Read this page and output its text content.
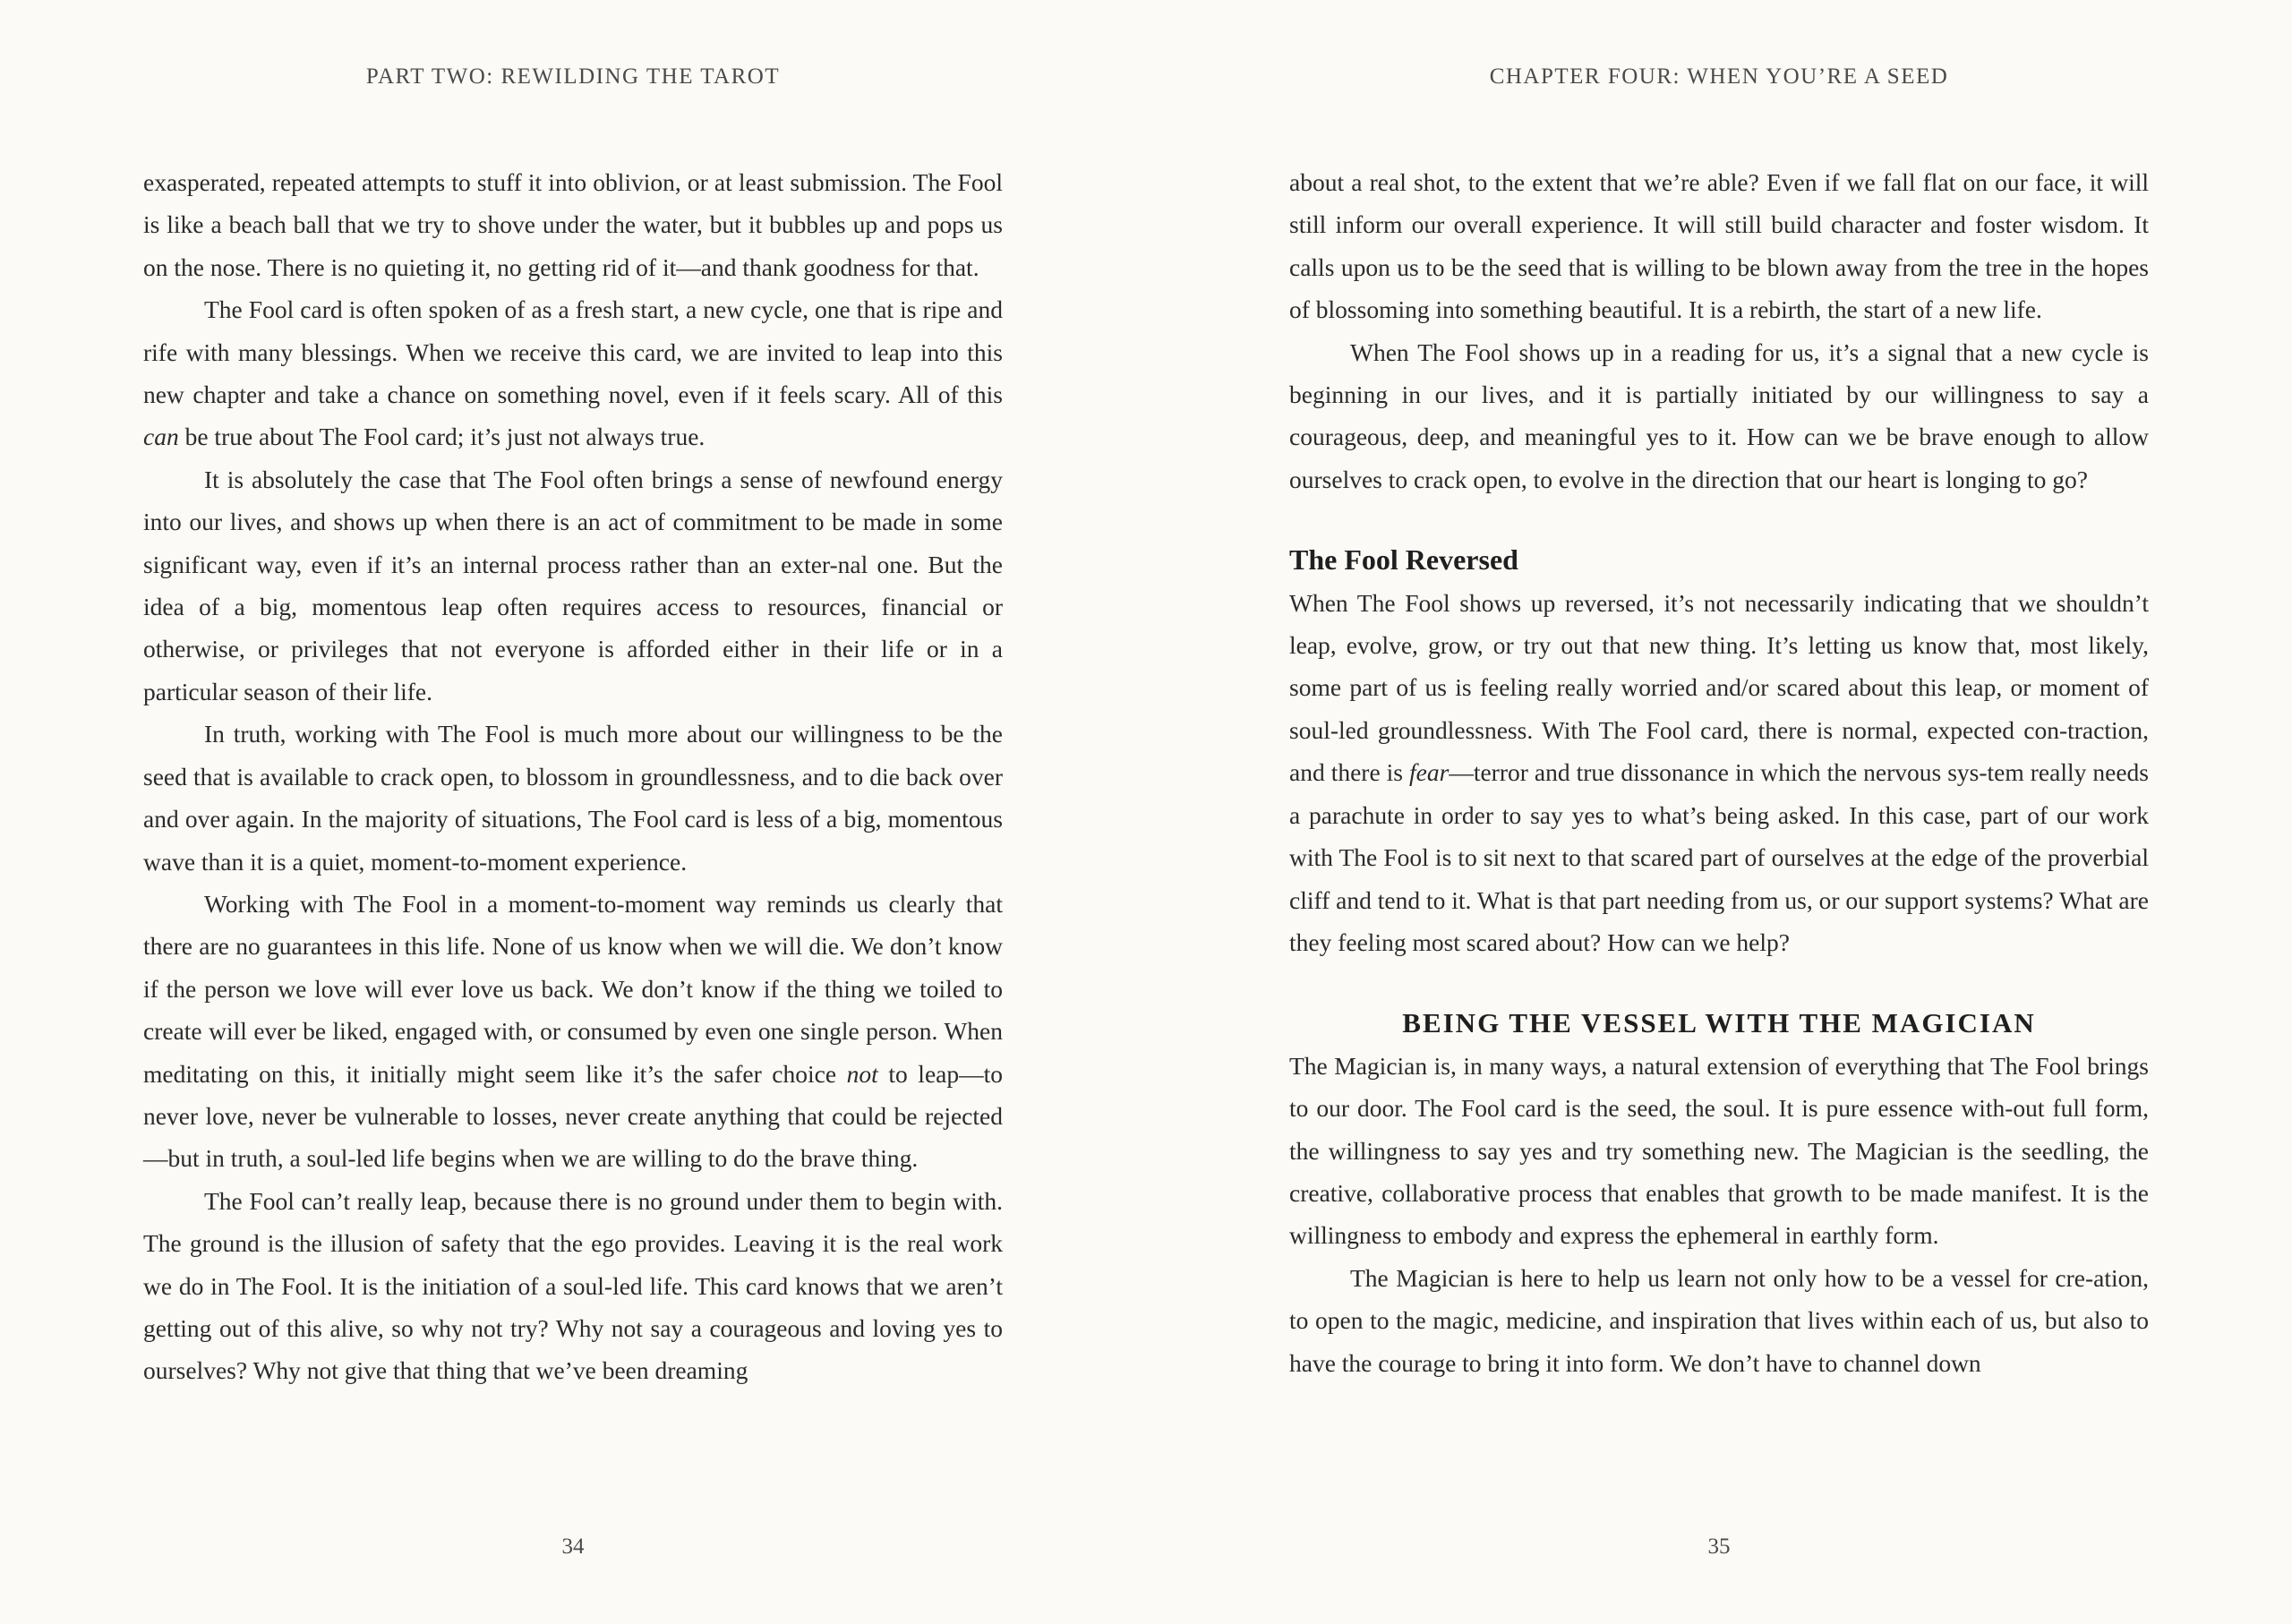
PART TWO: REWILDING THE TAROT

exasperated, repeated attempts to stuff it into oblivion, or at least submission. The Fool is like a beach ball that we try to shove under the water, but it bubbles up and pops us on the nose. There is no quieting it, no getting rid of it—and thank goodness for that.

The Fool card is often spoken of as a fresh start, a new cycle, one that is ripe and rife with many blessings. When we receive this card, we are invited to leap into this new chapter and take a chance on something novel, even if it feels scary. All of this can be true about The Fool card; it’s just not always true.

It is absolutely the case that The Fool often brings a sense of newfound energy into our lives, and shows up when there is an act of commitment to be made in some significant way, even if it’s an internal process rather than an exter-nal one. But the idea of a big, momentous leap often requires access to resources, financial or otherwise, or privileges that not everyone is afforded either in their life or in a particular season of their life.

In truth, working with The Fool is much more about our willingness to be the seed that is available to crack open, to blossom in groundlessness, and to die back over and over again. In the majority of situations, The Fool card is less of a big, momentous wave than it is a quiet, moment-to-moment experience.

Working with The Fool in a moment-to-moment way reminds us clearly that there are no guarantees in this life. None of us know when we will die. We don’t know if the person we love will ever love us back. We don’t know if the thing we toiled to create will ever be liked, engaged with, or consumed by even one single person. When meditating on this, it initially might seem like it’s the safer choice not to leap—to never love, never be vulnerable to losses, never create anything that could be rejected—but in truth, a soul-led life begins when we are willing to do the brave thing.

The Fool can’t really leap, because there is no ground under them to begin with. The ground is the illusion of safety that the ego provides. Leaving it is the real work we do in The Fool. It is the initiation of a soul-led life. This card knows that we aren’t getting out of this alive, so why not try? Why not say a courageous and loving yes to ourselves? Why not give that thing that we’ve been dreaming

34
CHAPTER FOUR: WHEN YOU’RE A SEED

about a real shot, to the extent that we’re able? Even if we fall flat on our face, it will still inform our overall experience. It will still build character and foster wisdom. It calls upon us to be the seed that is willing to be blown away from the tree in the hopes of blossoming into something beautiful. It is a rebirth, the start of a new life.

When The Fool shows up in a reading for us, it’s a signal that a new cycle is beginning in our lives, and it is partially initiated by our willingness to say a courageous, deep, and meaningful yes to it. How can we be brave enough to allow ourselves to crack open, to evolve in the direction that our heart is longing to go?

The Fool Reversed

When The Fool shows up reversed, it’s not necessarily indicating that we shouldn’t leap, evolve, grow, or try out that new thing. It’s letting us know that, most likely, some part of us is feeling really worried and/or scared about this leap, or moment of soul-led groundlessness. With The Fool card, there is normal, expected con-traction, and there is fear—terror and true dissonance in which the nervous sys-tem really needs a parachute in order to say yes to what’s being asked. In this case, part of our work with The Fool is to sit next to that scared part of ourselves at the edge of the proverbial cliff and tend to it. What is that part needing from us, or our support systems? What are they feeling most scared about? How can we help?

BEING THE VESSEL WITH THE MAGICIAN

The Magician is, in many ways, a natural extension of everything that The Fool brings to our door. The Fool card is the seed, the soul. It is pure essence with-out full form, the willingness to say yes and try something new. The Magician is the seedling, the creative, collaborative process that enables that growth to be made manifest. It is the willingness to embody and express the ephemeral in earthly form.

The Magician is here to help us learn not only how to be a vessel for cre-ation, to open to the magic, medicine, and inspiration that lives within each of us, but also to have the courage to bring it into form. We don’t have to channel down

35
